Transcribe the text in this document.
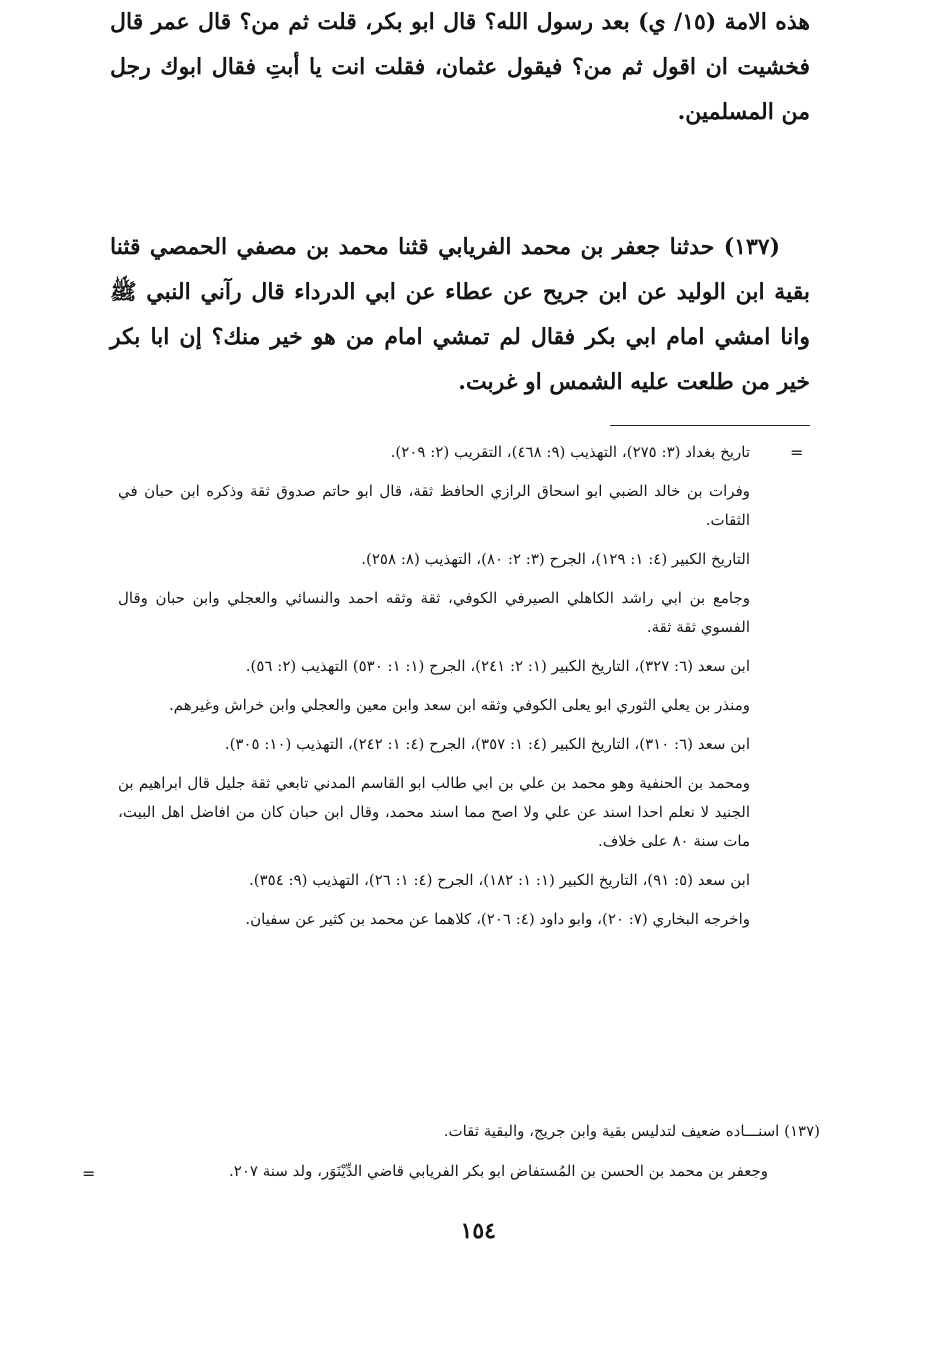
هذه الامة (١٥/ ي) بعد رسول الله؟ قال ابو بكر، قلت ثم من؟ قال عمر قال فخشيت ان اقول ثم من؟ فيقول عثمان، فقلت انت يا أبتِ فقال ابوك رجل من المسلمين.

(١٣٧) حدثنا جعفر بن محمد الفريابي قثنا محمد بن مصفي الحمصي قثنا بقية ابن الوليد عن ابن جريح عن عطاء عن ابي الدرداء قال رآني النبي ﷺ وانا امشي امام ابي بكر فقال لم تمشي امام من هو خير منك؟ إن ابا بكر خير من طلعت عليه الشمس او غربت.

=

تاريخ بغداد (٣: ٢٧٥)، التهذيب (٩: ٤٦٨)، التقريب (٢: ٢٠٩).

وفرات بن خالد الضبي ابو اسحاق الرازي الحافظ ثقة، قال ابو حاتم صدوق ثقة وذكره ابن حبان في الثقات.

التاريخ الكبير (٤: ١: ١٢٩)، الجرح (٣: ٢: ٨٠)، التهذيب (٨: ٢٥٨).

وجامع بن ابي راشد الكاهلي الصيرفي الكوفي، ثقة وثقه احمد والنسائي والعجلي وابن حبان وقال الفسوي ثقة ثقة.

ابن سعد (٦: ٣٢٧)، التاريخ الكبير (١: ٢: ٢٤١)، الجرح (١: ١: ٥٣٠) التهذيب (٢: ٥٦).

ومنذر بن يعلي الثوري ابو يعلى الكوفي وثقه ابن سعد وابن معين والعجلي وابن خراش وغيرهم.

ابن سعد (٦: ٣١٠)، التاريخ الكبير (٤: ١: ٣٥٧)، الجرح (٤: ١: ٢٤٢)، التهذيب (١٠: ٣٠٥).

ومحمد بن الحنفية وهو محمد بن علي بن ابي طالب ابو القاسم المدني تابعي ثقة جليل قال ابراهيم بن الجنيد لا نعلم احدا اسند عن علي ولا اصح مما اسند محمد، وقال ابن حبان كان من افاضل اهل البيت، مات سنة ٨٠ على خلاف.

ابن سعد (٥: ٩١)، التاريخ الكبير (١: ١: ١٨٢)، الجرح (٤: ١: ٢٦)، التهذيب (٩: ٣٥٤).

واخرجه البخاري (٧: ٢٠)، وابو داود (٤: ٢٠٦)، كلاهما عن محمد بن كثير عن سفيان.

(١٣٧) اسنـــاده ضعيف لتدليس بقية وابن جريج، والبقية ثقات.
وجعفر بن محمد بن الحسن بن المُستفاض ابو بكر الفريابي قاضي الدِّيْنَوَر، ولد سنة ٢٠٧.
=
١٥٤
